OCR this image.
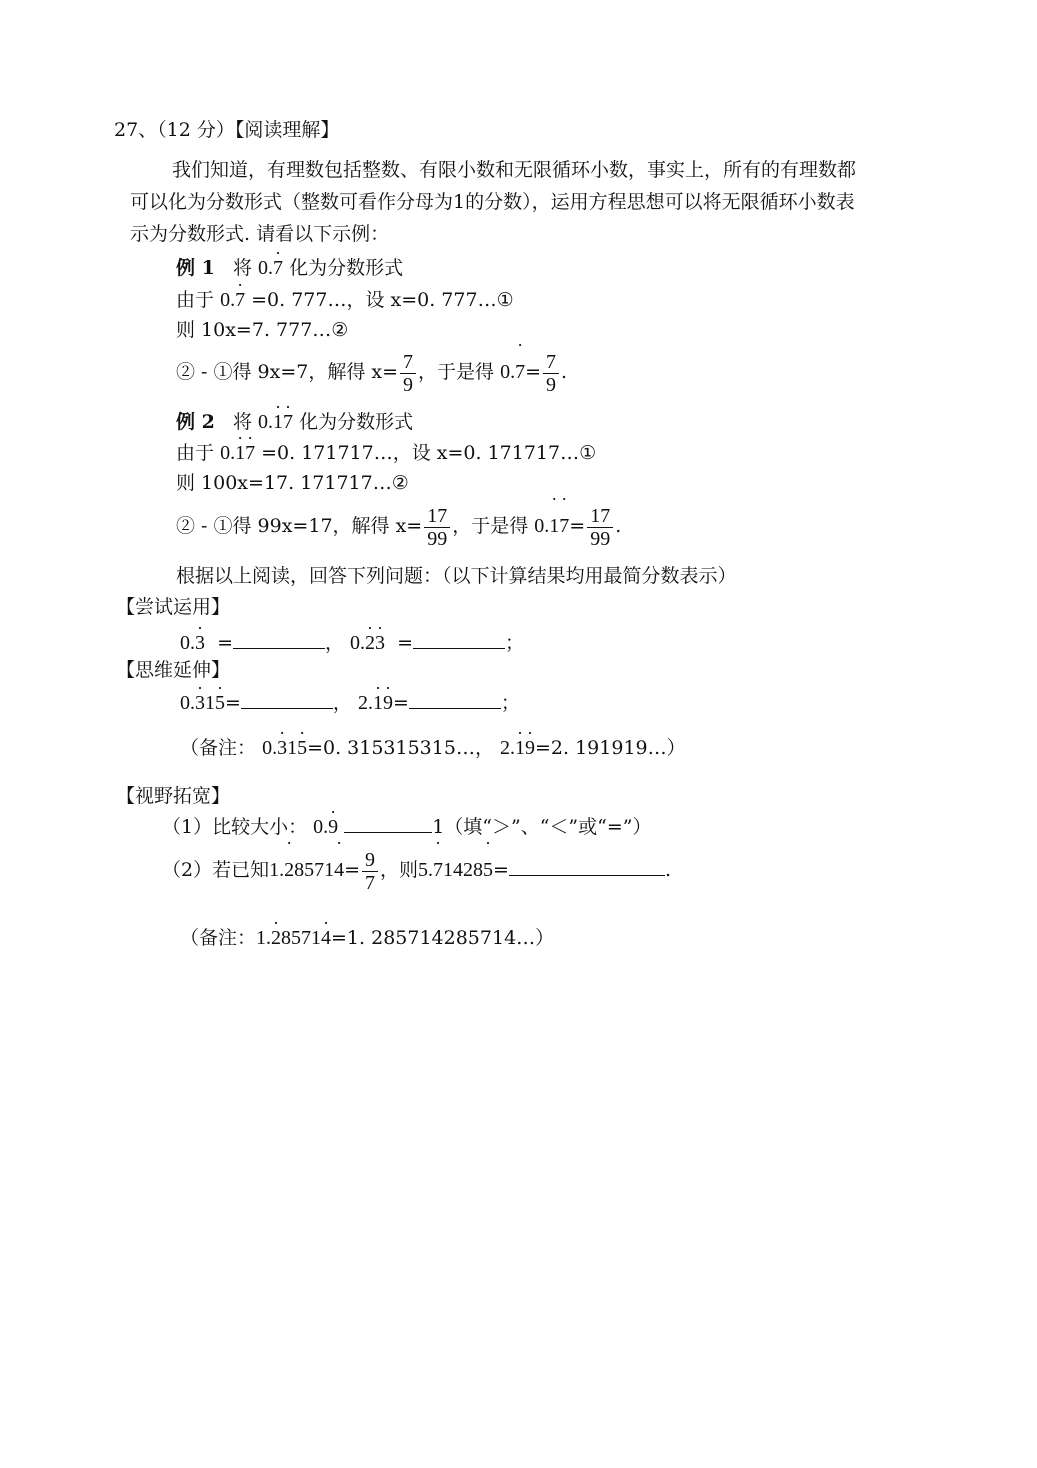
27、（12 分）【阅读理解】
我们知道，有理数包括整数、有限小数和无限循环小数，事实上，所有的有理数都
可以化为分数形式（整数可看作分母为1的分数），运用方程思想可以将无限循环小数表
示为分数形式. 请看以下示例：
例 1 将 0.· 7 化为分数形式
由于 0.· 7 =0. 777…，设 x=0. 777…①
则 10x=7. 777…②
② - ①得 9x=7，解得 $x= \frac{7}{9}$ ，于是得 $0.\cdot 7= \frac{7}{9}$ .
例 2 将 0.· 1· 7 化为分数形式
由于 0.· 1· 7 =0. 171717…，设 x=0. 171717…①
则 100x=17. 171717…②
② - ①得 99x=17，解得 $x= \frac{17}{99}$ ，于是得 $0.\cdot 1\cdot 7= \frac{17}{99}$ .
根据以上阅读，回答下列问题：（以下计算结果均用最简分数表示）
【尝试运用】
0.· 3  =	， 0.· 2· 3  =	；
【思维延伸】
0.· 31· 5=	， 2.· 1· 9=	；
（备注： 0.· 31· 5=0. 315315315…， 2.· 1· 9=2. 191919…）
【视野拓宽】
（1）比较大小： 0.· 9	1（填“＞”、“＜”或“=”）
（2）若已知$1.\cdot 28571\cdot 4= \frac{9}{7}$ ，则5.· 71428· 5=	.
（备注：1.· 28571· 4=1. 285714285714…）
